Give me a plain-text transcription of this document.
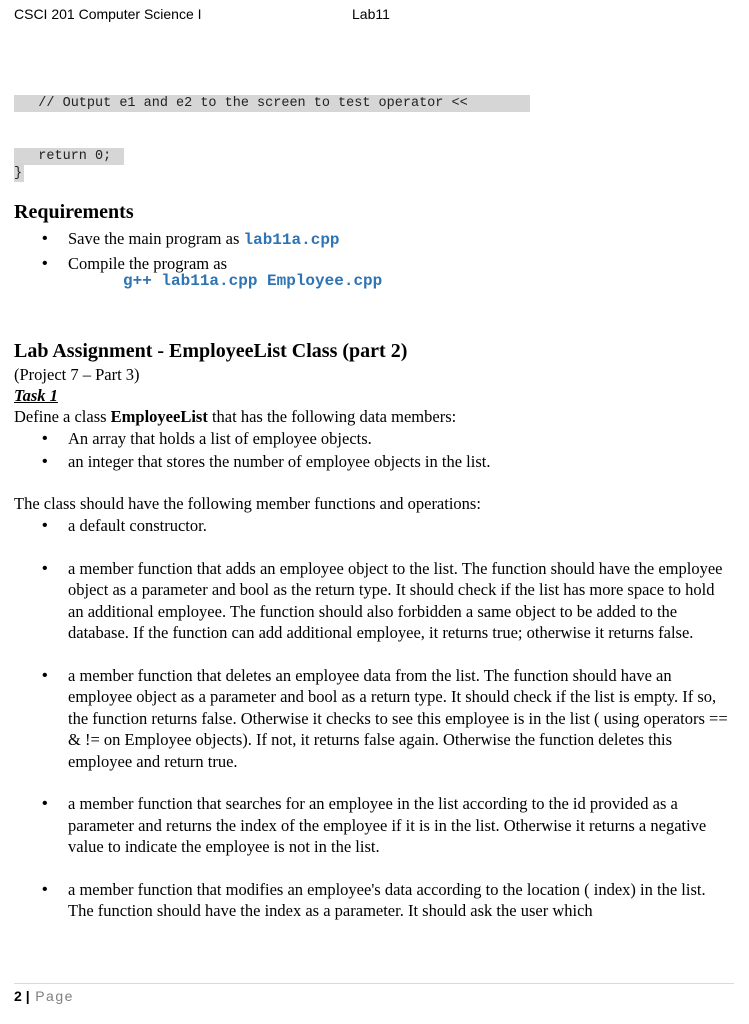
CSCI 201 Computer Science I	Lab11
// Output e1 and e2 to the screen to test operator <<
return 0;
}
Requirements
• Save the main program as lab11a.cpp
• Compile the program as
g++ lab11a.cpp Employee.cpp
Lab Assignment - EmployeeList Class (part 2)
(Project 7 – Part 3)
Task 1
Define a class EmployeeList that has the following data members:
• An array that holds a list of employee objects.
• an integer that stores the number of employee objects in the list.
The class should have the following member functions and operations:
• a default constructor.
• a member function that adds an employee object to the list. The function should have the employee object as a parameter and bool as the return type. It should check if the list has more space to hold an additional employee. The function should also forbidden a same object to be added to the database. If the function can add additional employee, it returns true; otherwise it returns false.
• a member function that deletes an employee data from the list. The function should have an employee object as a parameter and bool as a return type. It should check if the list is empty. If so, the function returns false. Otherwise it checks to see this employee is in the list ( using operators == & != on Employee objects). If not, it returns false again. Otherwise the function deletes this employee and return true.
• a member function that searches for an employee in the list according to the id provided as a parameter and returns the index of the employee if it is in the list. Otherwise it returns a negative value to indicate the employee is not in the list.
• a member function that modifies an employee's data according to the location ( index) in the list. The function should have the index as a parameter. It should ask the user which
2 | Page
